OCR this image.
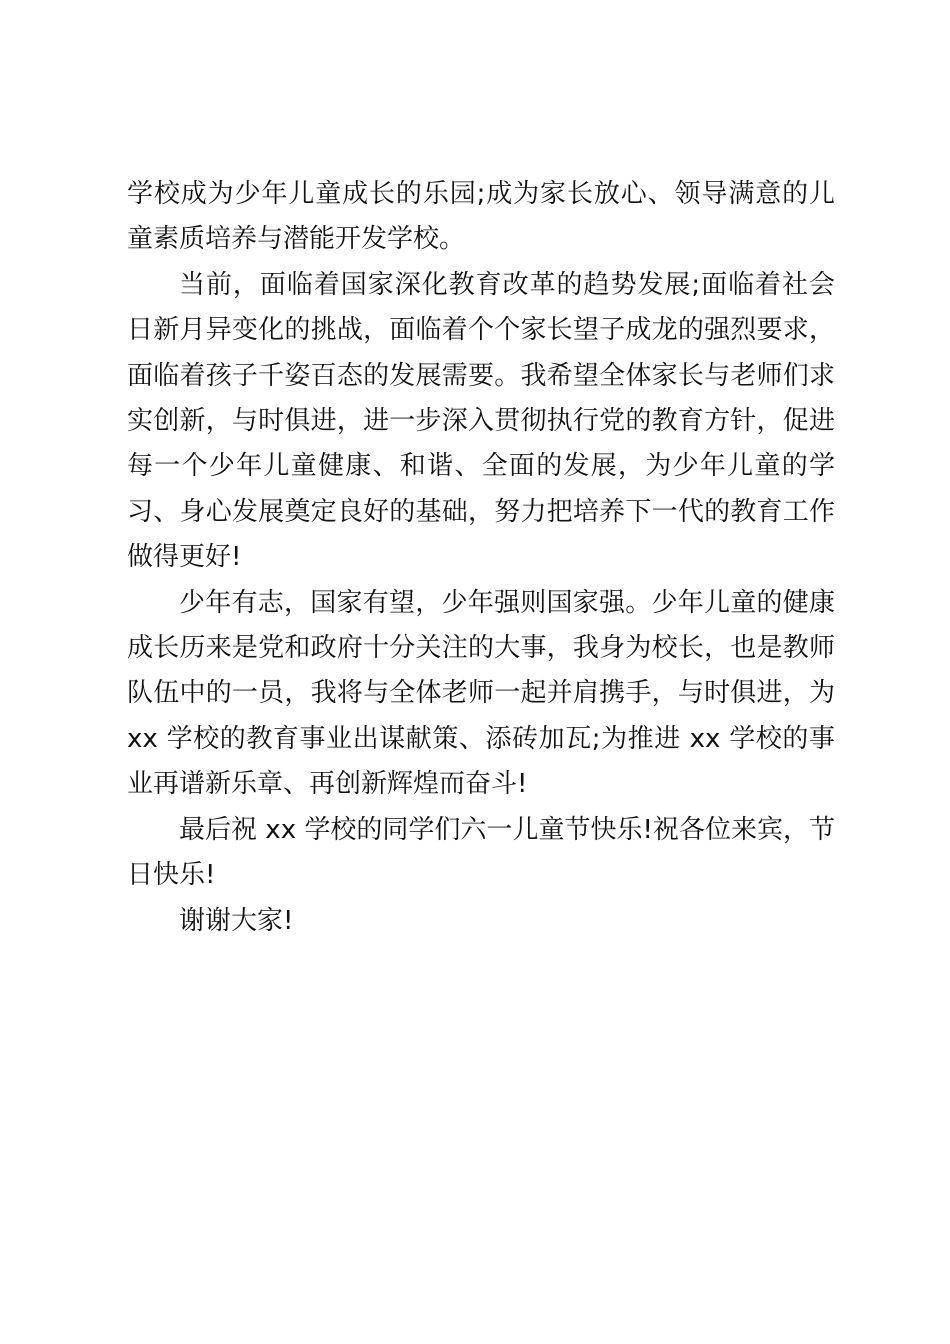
学校成为少年儿童成长的乐园;成为家长放心、领导满意的儿童素质培养与潜能开发学校。

当前，面临着国家深化教育改革的趋势发展;面临着社会日新月异变化的挑战，面临着个个家长望子成龙的强烈要求，面临着孩子千姿百态的发展需要。我希望全体家长与老师们求实创新，与时俱进，进一步深入贯彻执行党的教育方针，促进每一个少年儿童健康、和谐、全面的发展，为少年儿童的学习、身心发展奠定良好的基础，努力把培养下一代的教育工作做得更好!

少年有志，国家有望，少年强则国家强。少年儿童的健康成长历来是党和政府十分关注的大事，我身为校长，也是教师队伍中的一员，我将与全体老师一起并肩携手，与时俱进，为 xx 学校的教育事业出谋献策、添砖加瓦;为推进 xx 学校的事业再谱新乐章、再创新辉煌而奋斗!

最后祝 xx 学校的同学们六一儿童节快乐!祝各位来宾，节日快乐!

谢谢大家!
